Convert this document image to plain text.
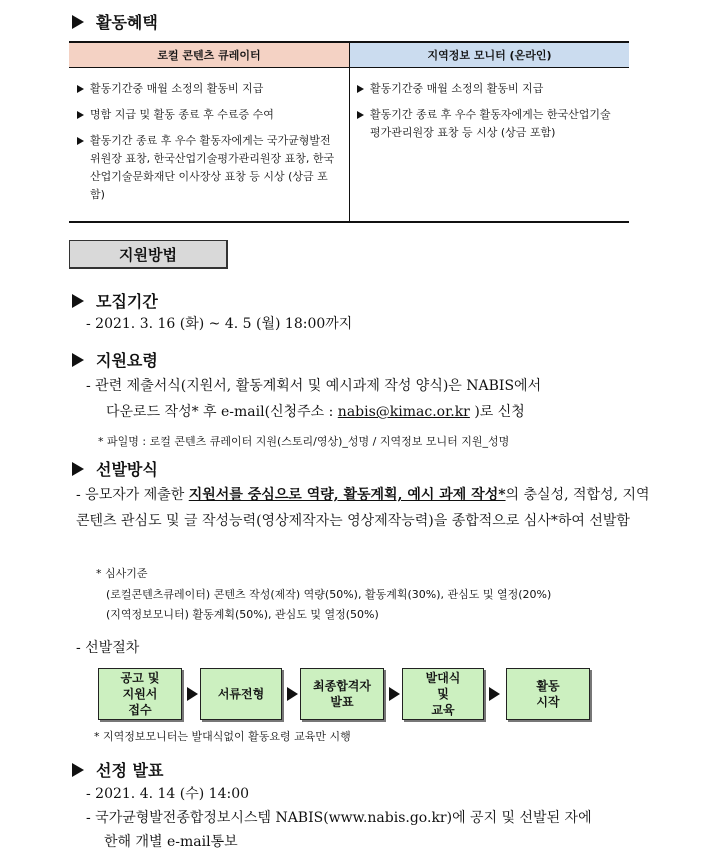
활동혜택
로컬 콘텐츠 큐레이터	지역정보 모니터 (온라인)
활동기간중 매월 소정의 활동비 지급
명함 지급 및 활동 종료 후 수료증 수여
활동기간 종료 후 우수 활동자에게는 국가균형발전위원장 표창, 한국산업기술평가관리원장 표창, 한국산업기술문화재단 이사장상 표창 등 시상 (상금 포함)
활동기간중 매월 소정의 활동비 지급
활동기간 종료 후 우수 활동자에게는 한국산업기술평가관리원장 표창 등 시상 (상금 포함)
지원방법
모집기간
- 2021. 3. 16 (화) ~ 4. 5 (월) 18:00까지
지원요령
- 관련 제출서식(지원서, 활동계획서 및 예시과제 작성 양식)은 NABIS에서
다운로드 작성* 후 e-mail(신청주소 : nabis@kimac.or.kr )로 신청
* 파일명 : 로컬 콘텐츠 큐레이터 지원(스토리/영상)_성명 / 지역정보 모니터 지원_성명
선발방식
- 응모자가 제출한 지원서를 중심으로 역량, 활동계획, 예시 과제 작성*의 충실성, 적합성, 지역 콘텐츠 관심도 및 글 작성능력(영상제작자는 영상제작능력)을 종합적으로 심사*하여 선발함
* 심사기준
(로컬콘텐츠큐레이터) 콘텐츠 작성(제작) 역량(50%), 활동계획(30%), 관심도 및 열정(20%)
(지역정보모니터) 활동계획(50%), 관심도 및 열정(50%)
- 선발절차
공고 및
지원서
접수
서류전형
최종합격자
발표
발대식
및
교육
활동
시작
* 지역정보모니터는 발대식없이 활동요령 교육만 시행
선정 발표
- 2021. 4. 14 (수) 14:00
- 국가균형발전종합정보시스템 NABIS(www.nabis.go.kr)에 공지 및 선발된 자에
한해 개별 e-mail통보
